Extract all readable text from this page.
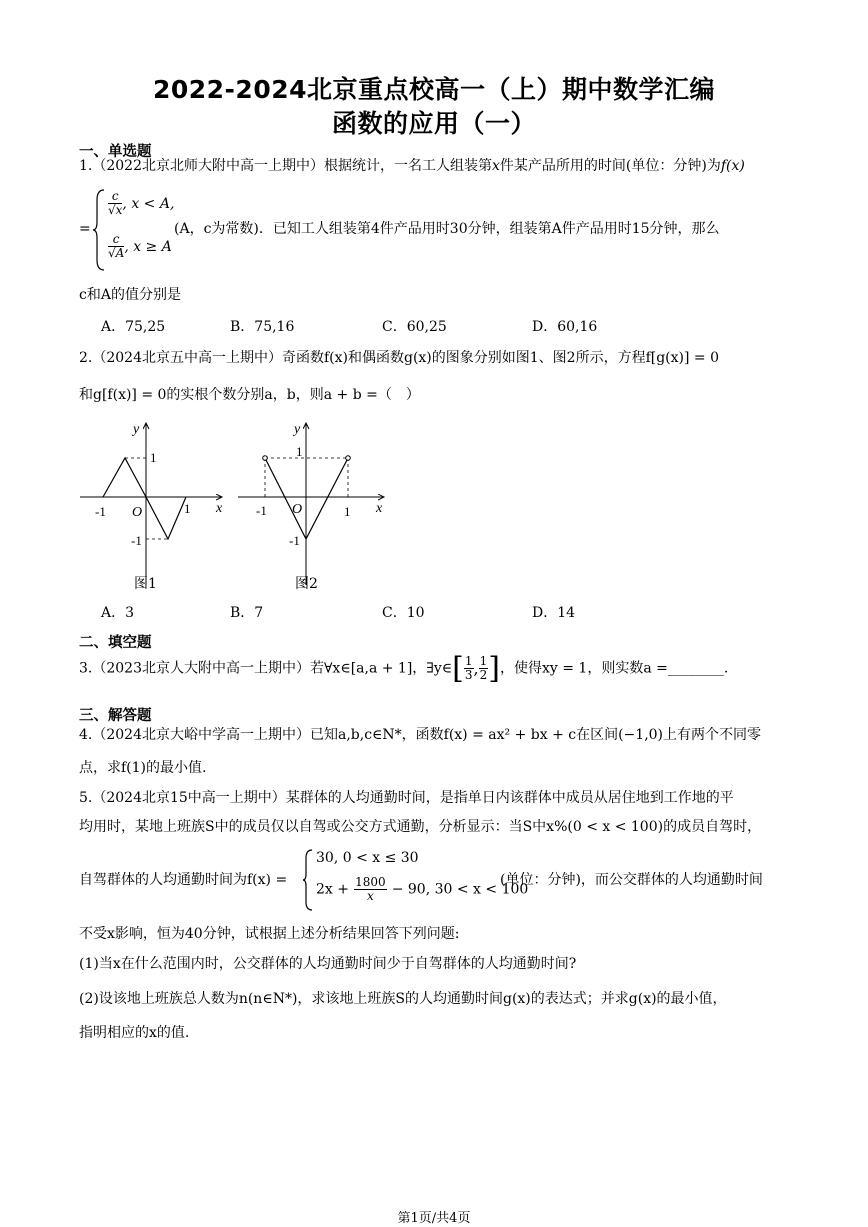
2022-2024北京重点校高一（上）期中数学汇编
函数的应用（一）
一、单选题
1.（2022北京北师大附中高一上期中）根据统计，一名工人组装第x件某产品所用的时间(单位：分钟)为f(x)
=
$\frac{c}{√x}$ , x < A,
$\frac{c}{√A}$ , x ≥ A
(A，c为常数)．已知工人组装第4件产品用时30分钟，组装第A件产品用时15分钟，那么
c和A的值分别是
A．75,25	B．75,16	C．60,25	D．60,16
2.（2024北京五中高一上期中）奇函数f(x)和偶函数g(x)的图象分别如图1、图2所示，方程f[g(x)] = 0
和g[f(x)] = 0的实根个数分别a，b，则a + b =（　）
y
x
1
-1 O	1
-1
图1
y
x
1
-1 O	1
-1
图2
A．3	B．7	C．10	D．14
二、填空题
3.（2023北京人大附中高一上期中）若∀x∈[a,a + 1]，∃y∈[ $\frac{1}{3}$ , $\frac{1}{2}$ ]，使得xy = 1，则实数a =________.
三、解答题
4.（2024北京大峪中学高一上期中）已知a,b,c∈N*，函数f(x) = ax² + bx + c在区间(−1,0)上有两个不同零
点，求f(1)的最小值.
5.（2024北京15中高一上期中）某群体的人均通勤时间，是指单日内该群体中成员从居住地到工作地的平
均用时，某地上班族S中的成员仅以自驾或公交方式通勤，分析显示：当S中x%(0 < x < 100)的成员自驾时，
自驾群体的人均通勤时间为f(x) =
30, 0 < x ≤ 30
$2x + \frac{1800}{x} - 90$, 30 < x < 100
(单位：分钟)，而公交群体的人均通勤时间
不受x影响，恒为40分钟，试根据上述分析结果回答下列问题:
(1)当x在什么范围内时，公交群体的人均通勤时间少于自驾群体的人均通勤时间?
(2)设该地上班族总人数为n(n∈N*)，求该地上班族S的人均通勤时间g(x)的表达式；并求g(x)的最小值，
指明相应的x的值.
第1页/共4页
